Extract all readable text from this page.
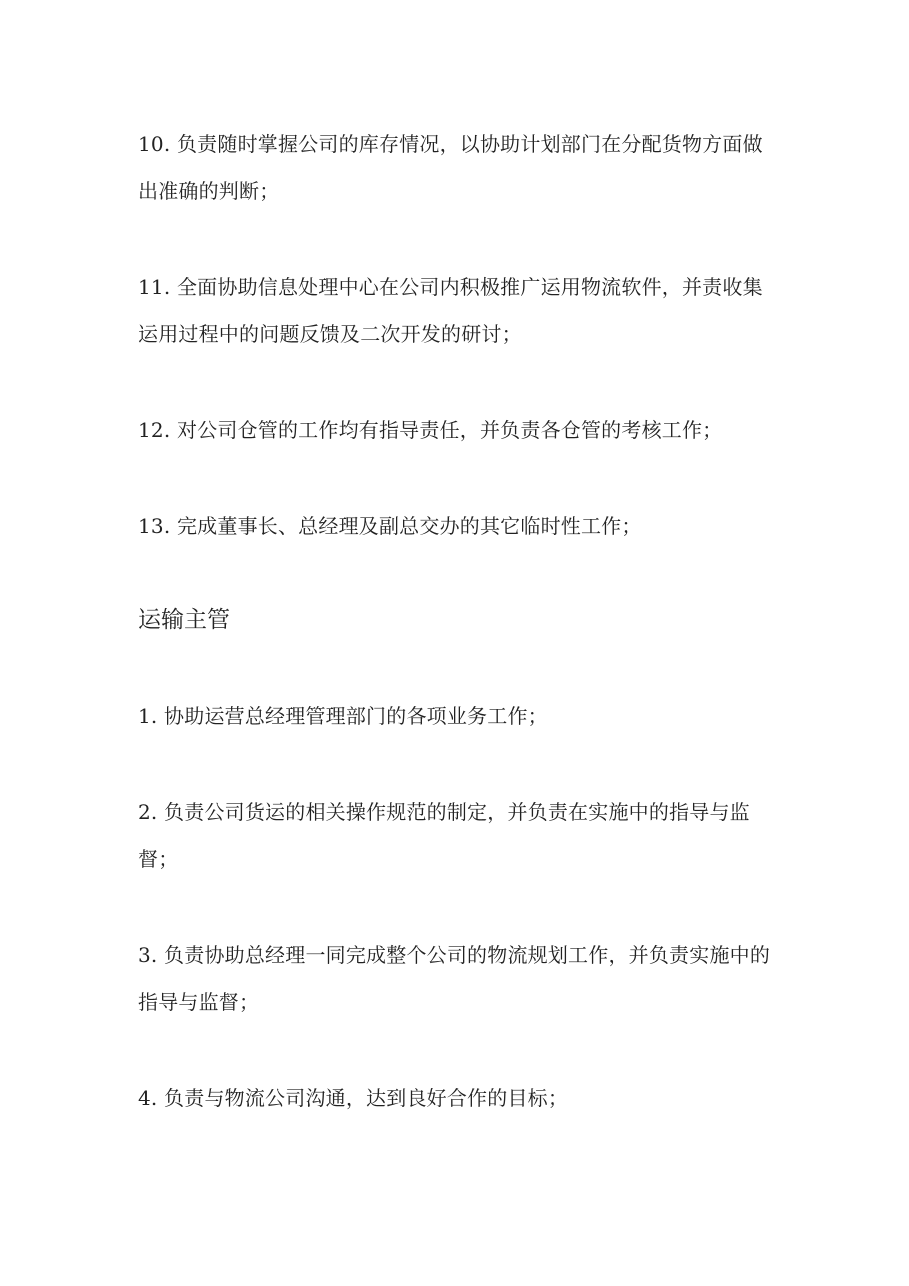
10. 负责随时掌握公司的库存情况，以协助计划部门在分配货物方面做出准确的判断；

11. 全面协助信息处理中心在公司内积极推广运用物流软件，并责收集运用过程中的问题反馈及二次开发的研讨；

12. 对公司仓管的工作均有指导责任，并负责各仓管的考核工作；

13. 完成董事长、总经理及副总交办的其它临时性工作；

运输主管

1. 协助运营总经理管理部门的各项业务工作；

2. 负责公司货运的相关操作规范的制定，并负责在实施中的指导与监督；

3. 负责协助总经理一同完成整个公司的物流规划工作，并负责实施中的指导与监督；

4. 负责与物流公司沟通，达到良好合作的目标；
